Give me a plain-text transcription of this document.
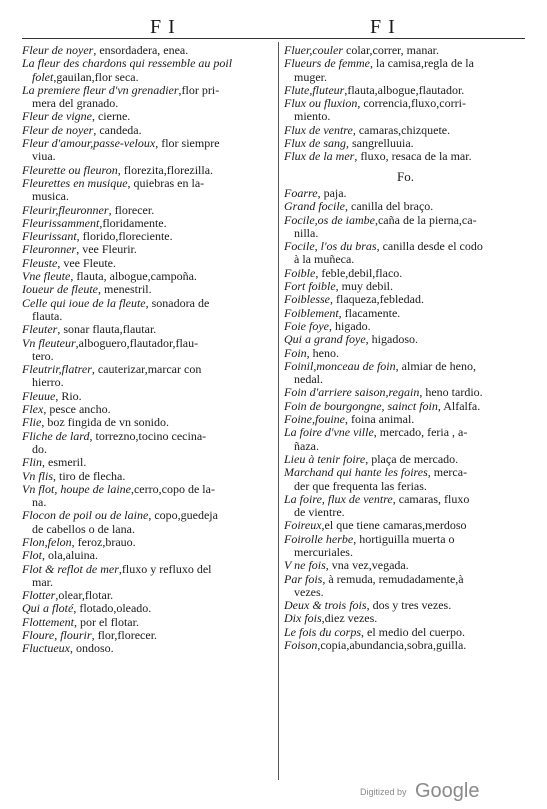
F I	F I
Fleur de noyer, ensordadera, enea.
La fleur des chardons qui ressemble au poil
folet,gauilan,flor seca.
La premiere fleur d'vn grenadier,flor pri-
mera del granado.
Fleur de vigne, cierne.
Fleur de noyer, candeda.
Fleur d'amour,passe-veloux, flor siempre
viua.
Fleurette ou fleuron, florezita,florezilla.
Fleurettes en musique, quiebras en la-
musica.
Fleurir,fleuronner, florecer.
Fleurissamment,floridamente.
Fleurissant, florido,floreciente.
Fleuronner, vee Fleurir.
Fleuste, vee Fleute.
Vne fleute, flauta, albogue,campoña.
Ioueur de fleute, menestril.
Celle qui ioue de la fleute, sonadora de
flauta.
Fleuter, sonar flauta,flautar.
Vn fleuteur,alboguero,flautador,flau-
tero.
Fleutrir,flatrer, cauterizar,marcar con
hierro.
Fleuue, Rio.
Flex, pesce ancho.
Flie, boz fingida de vn sonido.
Fliche de lard, torrezno,tocino cecina-
do.
Flin, esmeril.
Vn flis, tiro de flecha.
Vn flot, houpe de laine,cerro,copo de la-
na.
Flocon de poil ou de laine, copo,guedeja
de cabellos o de lana.
Flon,felon, feroz,brauo.
Flot, ola,aluina.
Flot & reflot de mer,fluxo y refluxo del
mar.
Flotter,olear,flotar.
Qui a floté, flotado,oleado.
Flottement, por el flotar.
Floure, flourir, flor,florecer.
Fluctueux, ondoso.
Fluer,couler colar,correr, manar.
Flueurs de femme, la camisa,regla de la
muger.
Flute,fluteur,flauta,albogue,flautador.
Flux ou fluxion, correncia,fluxo,corri-
miento.
Flux de ventre, camaras,chizquete.
Flux de sang, sangrelluuia.
Flux de la mer, fluxo, resaca de la mar.
Fo.
Foarre, paja.
Grand focile, canilla del braço.
Focile,os de iambe,caña de la pierna,ca-
nilla.
Focile, l'os du bras, canilla desde el codo
à la muñeca.
Foible, feble,debil,flaco.
Fort foible, muy debil.
Foiblesse, flaqueza,febledad.
Foiblement, flacamente.
Foie foye, higado.
Qui a grand foye, higadoso.
Foin, heno.
Foinil,monceau de foin, almiar de heno,
nedal.
Foin d'arriere saison,regain, heno tardio.
Foin de bourgongne, sainct foin, Alfalfa.
Foine,fouine, foina animal.
La foire d'vne ville, mercado, feria , a-
ñaza.
Lieu à tenir foire, plaça de mercado.
Marchand qui hante les foires, merca-
der que frequenta las ferias.
La foire, flux de ventre, camaras, fluxo
de vientre.
Foireux,el que tiene camaras,merdoso
Foirolle herbe, hortiguilla muerta o
mercuriales.
V ne fois, vna vez,vegada.
Par fois, à remuda, remudadamente,à
vezes.
Deux & trois fois, dos y tres vezes.
Dix fois,diez vezes.
Le fois du corps, el medio del cuerpo.
Foison,copia,abundancia,sobra,guilla.
Digitized by Google
